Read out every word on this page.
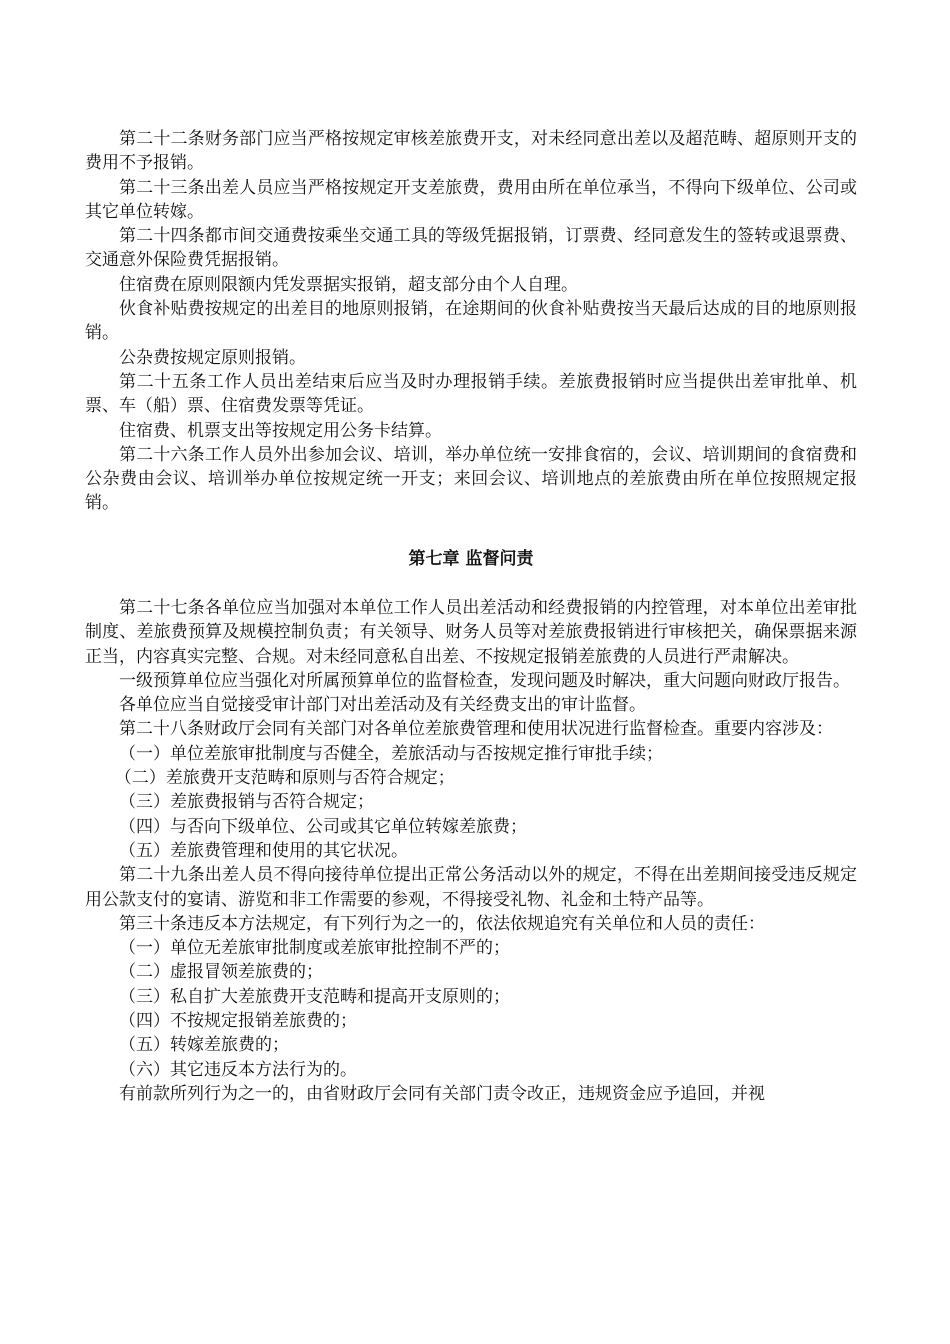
第二十二条财务部门应当严格按规定审核差旅费开支，对未经同意出差以及超范畴、超原则开支的费用不予报销。

第二十三条出差人员应当严格按规定开支差旅费，费用由所在单位承当，不得向下级单位、公司或其它单位转嫁。

第二十四条都市间交通费按乘坐交通工具的等级凭据报销，订票费、经同意发生的签转或退票费、交通意外保险费凭据报销。

住宿费在原则限额内凭发票据实报销，超支部分由个人自理。

伙食补贴费按规定的出差目的地原则报销，在途期间的伙食补贴费按当天最后达成的目的地原则报销。

公杂费按规定原则报销。

第二十五条工作人员出差结束后应当及时办理报销手续。差旅费报销时应当提供出差审批单、机票、车（船）票、住宿费发票等凭证。

住宿费、机票支出等按规定用公务卡结算。

第二十六条工作人员外出参加会议、培训，举办单位统一安排食宿的，会议、培训期间的食宿费和公杂费由会议、培训举办单位按规定统一开支；来回会议、培训地点的差旅费由所在单位按照规定报销。

第七章 监督问责

第二十七条各单位应当加强对本单位工作人员出差活动和经费报销的内控管理，对本单位出差审批制度、差旅费预算及规模控制负责；有关领导、财务人员等对差旅费报销进行审核把关，确保票据来源正当，内容真实完整、合规。对未经同意私自出差、不按规定报销差旅费的人员进行严肃解决。

一级预算单位应当强化对所属预算单位的监督检查，发现问题及时解决，重大问题向财政厅报告。

各单位应当自觉接受审计部门对出差活动及有关经费支出的审计监督。

第二十八条财政厅会同有关部门对各单位差旅费管理和使用状况进行监督检查。重要内容涉及：

（一）单位差旅审批制度与否健全，差旅活动与否按规定推行审批手续；

（二）差旅费开支范畴和原则与否符合规定；

（三）差旅费报销与否符合规定；

（四）与否向下级单位、公司或其它单位转嫁差旅费；

（五）差旅费管理和使用的其它状况。

第二十九条出差人员不得向接待单位提出正常公务活动以外的规定，不得在出差期间接受违反规定用公款支付的宴请、游览和非工作需要的参观，不得接受礼物、礼金和土特产品等。

第三十条违反本方法规定，有下列行为之一的，依法依规追究有关单位和人员的责任：

（一）单位无差旅审批制度或差旅审批控制不严的；

（二）虚报冒领差旅费的；

（三）私自扩大差旅费开支范畴和提高开支原则的；

（四）不按规定报销差旅费的；

（五）转嫁差旅费的；

（六）其它违反本方法行为的。

有前款所列行为之一的，由省财政厅会同有关部门责令改正，违规资金应予追回，并视
